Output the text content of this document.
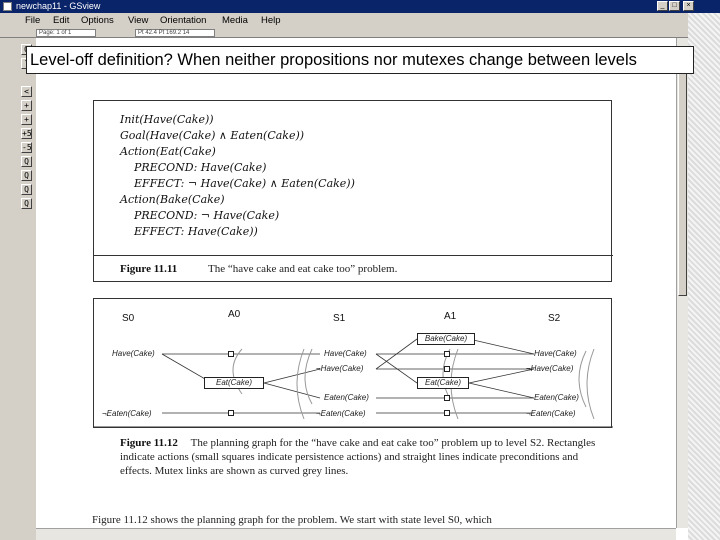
newchap11 - GSview	_	□	×
File Edit Options View Orientation Media Help
Page: 1 of 1	Pt 42.4 Pt 169.2 14
<
+
+
+5
-5
Q
Q
Q
Q
Init(Have(Cake))
Goal(Have(Cake) ∧ Eaten(Cake))
Action(Eat(Cake)
PRECOND: Have(Cake)
EFFECT: ¬ Have(Cake) ∧ Eaten(Cake))
Action(Bake(Cake)
PRECOND: ¬ Have(Cake)
EFFECT: Have(Cake))
Figure 11.11	The “have cake and eat cake too” problem.
S0	A0	S1	A1	S2
Have(Cake)
¬Eaten(Cake)
Have(Cake)
¬Have(Cake)
Eaten(Cake)
¬Eaten(Cake)
Have(Cake)
¬Have(Cake)
Eaten(Cake)
¬Eaten(Cake)
Eat(Cake)
Bake(Cake)
Eat(Cake)
Figure 11.12 The planning graph for the “have cake and eat cake too” problem up to level S2. Rectangles indicate actions (small squares indicate persistence actions) and straight lines indicate preconditions and effects. Mutex links are shown as curved grey lines.
Figure 11.12 shows the planning graph for the problem. We start with state level S0, which
Level-off definition? When neither propositions nor mutexes change between levels
